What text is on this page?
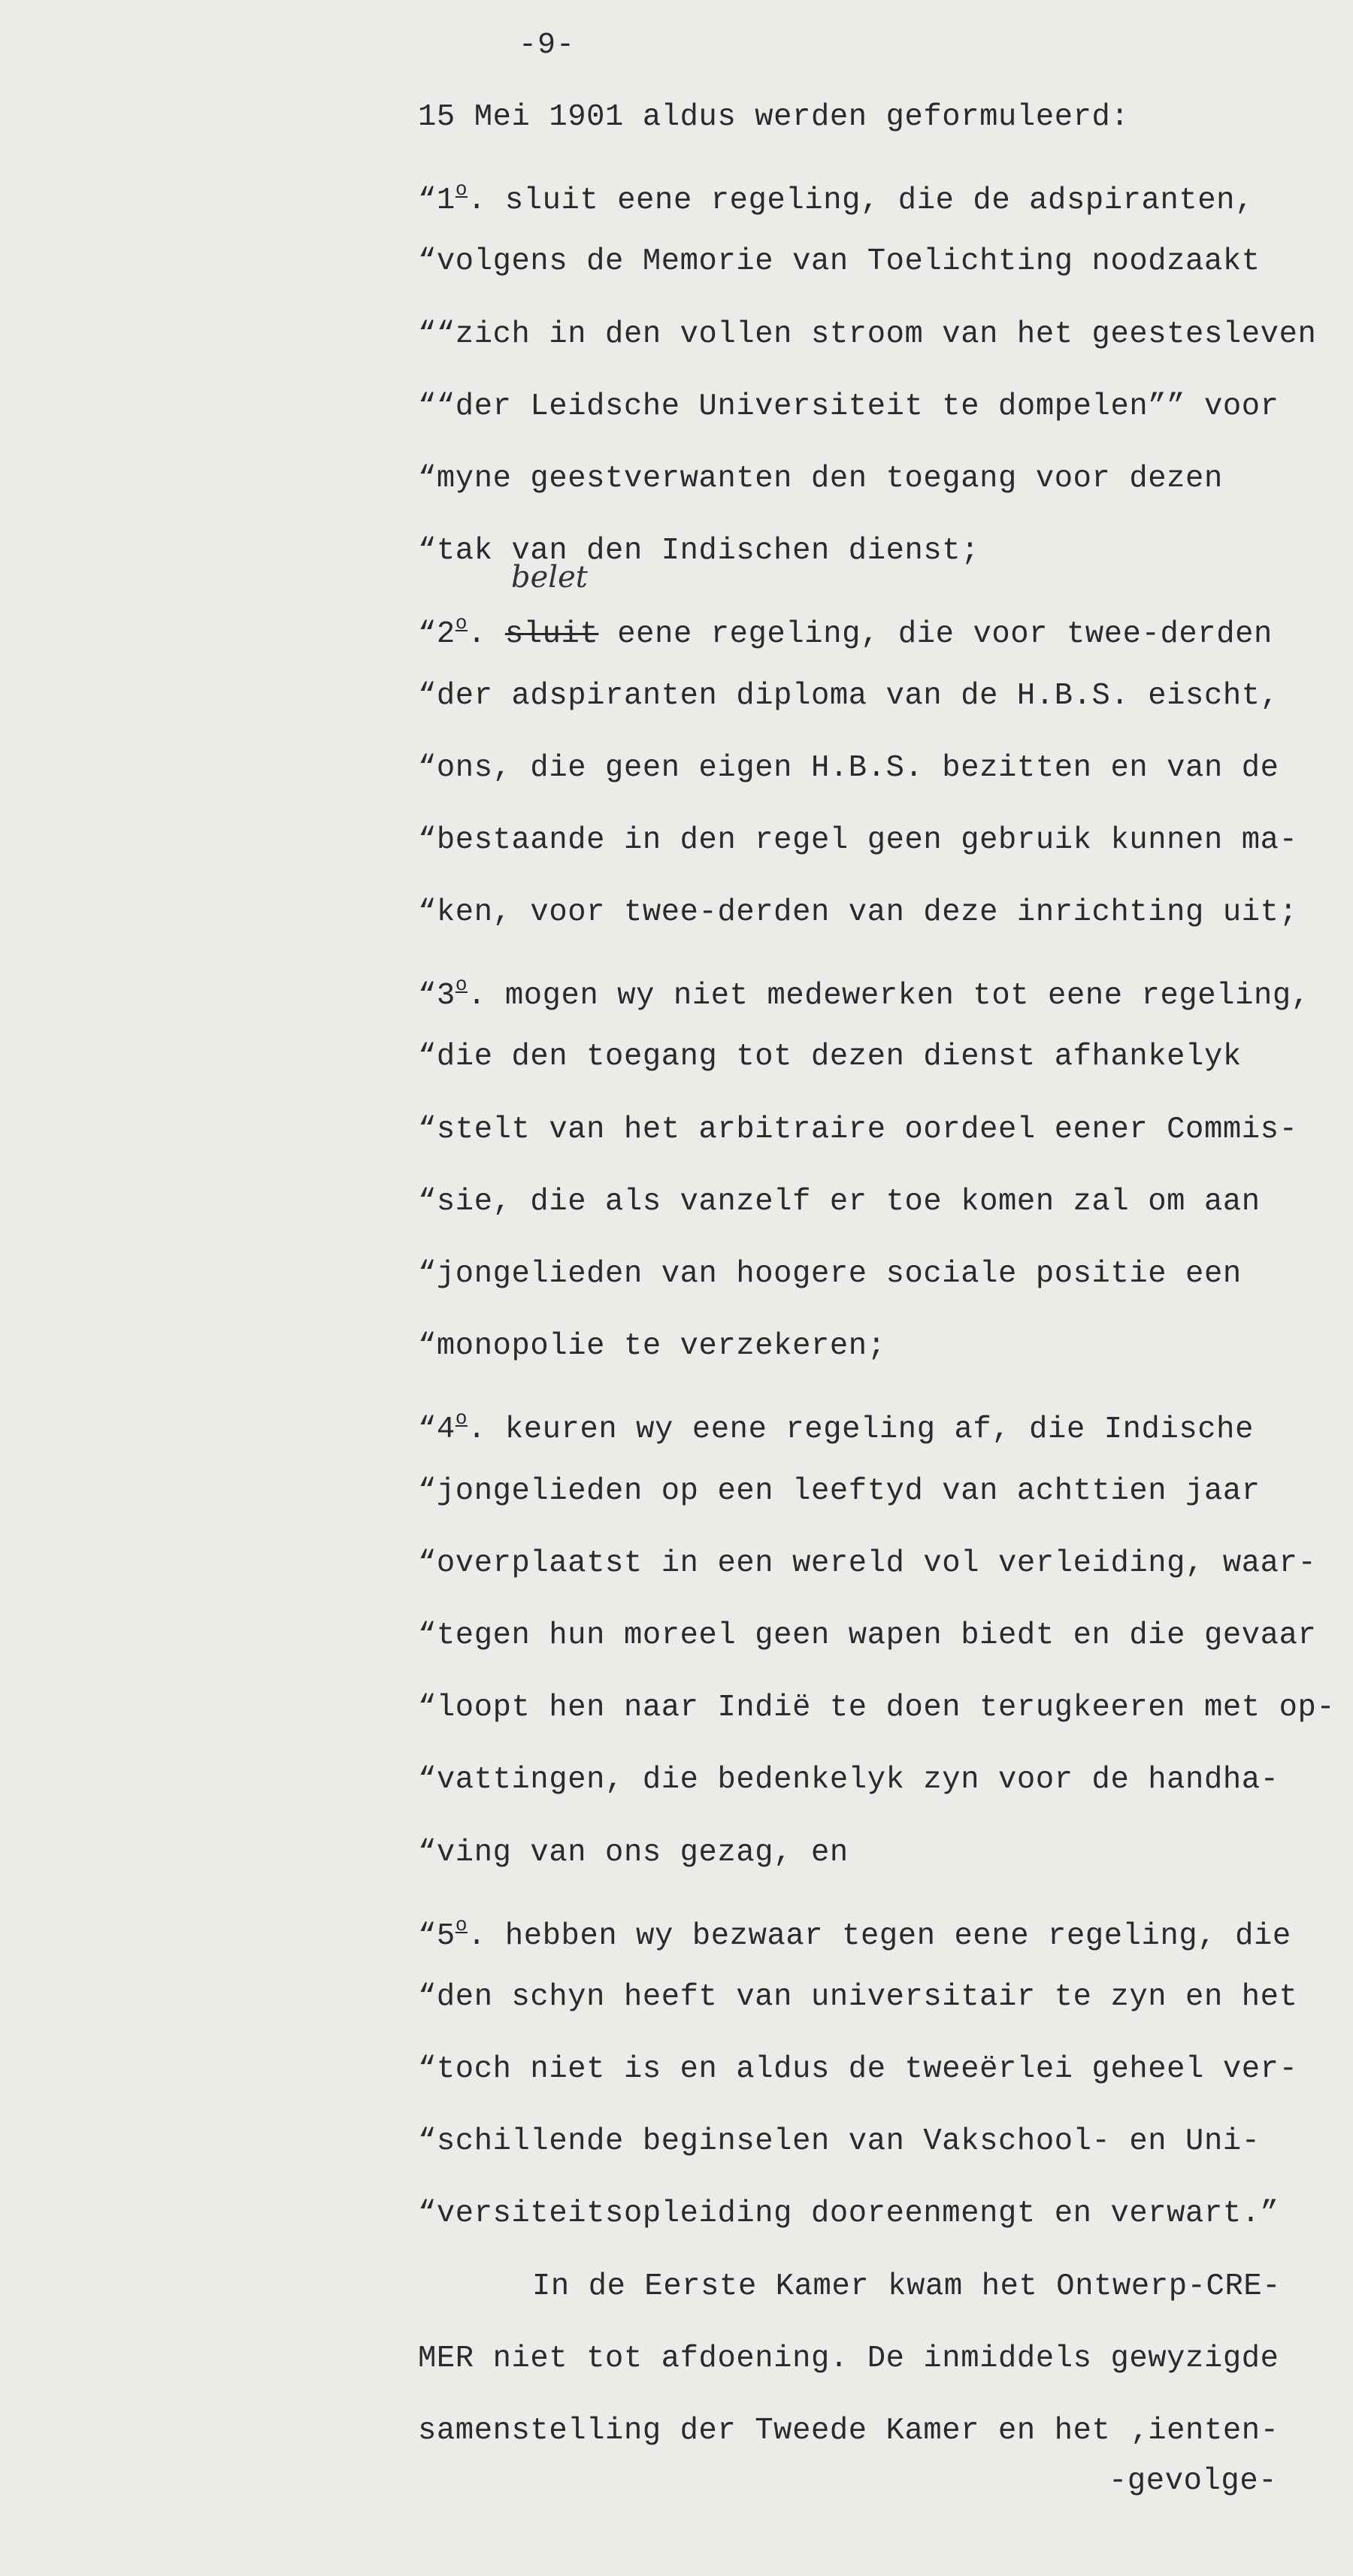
-9-
belet
15 Mei 1901 aldus werden geformuleerd:
“1$^o$. sluit eene regeling, die de adspiranten,
“volgens de Memorie van Toelichting noodzaakt
““zich in den vollen stroom van het geestesleven
““der Leidsche Universiteit te dompelen”” voor
“myne geestverwanten den toegang voor dezen
“tak van den Indischen dienst;
“2$^o$. sluit eene regeling, die voor twee-derden
“der adspiranten diploma van de H.B.S. eischt,
“ons, die geen eigen H.B.S. bezitten en van de
“bestaande in den regel geen gebruik kunnen ma-
“ken, voor twee-derden van deze inrichting uit;
“3$^o$. mogen wy niet medewerken tot eene regeling,
“die den toegang tot dezen dienst afhankelyk
“stelt van het arbitraire oordeel eener Commis-
“sie, die als vanzelf er toe komen zal om aan
“jongelieden van hoogere sociale positie een
“monopolie te verzekeren;
“4$^o$. keuren wy eene regeling af, die Indische
“jongelieden op een leeftyd van achttien jaar
“overplaatst in een wereld vol verleiding, waar-
“tegen hun moreel geen wapen biedt en die gevaar
“loopt hen naar Indië te doen terugkeeren met op-
“vattingen, die bedenkelyk zyn voor de handha-
“ving van ons gezag, en
“5$^o$. hebben wy bezwaar tegen eene regeling, die
“den schyn heeft van universitair te zyn en het
“toch niet is en aldus de tweeërlei geheel ver-
“schillende beginselen van Vakschool- en Uni-
“versiteitsopleiding dooreenmengt en verwart.”
In de Eerste Kamer kwam het Ontwerp-CRE-
MER niet tot afdoening. De inmiddels gewyzigde
samenstelling der Tweede Kamer en het ‚ienten-
-gevolge-
